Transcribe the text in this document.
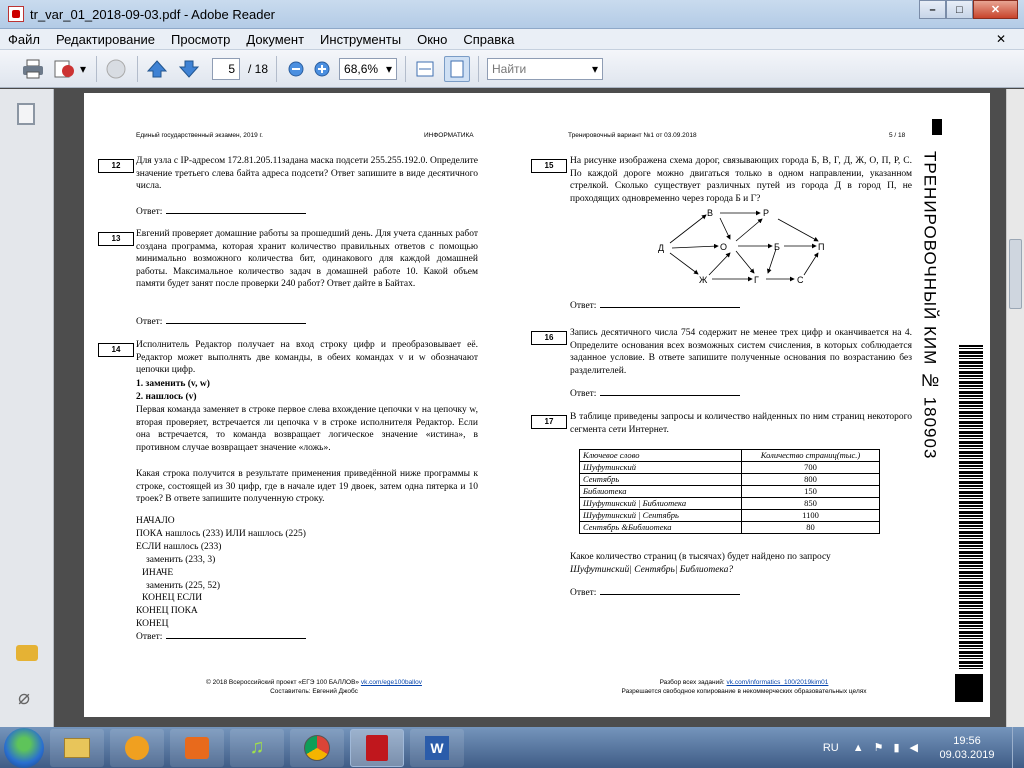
tr_var_01_2018-09-03.pdf - Adobe Reader	–	□	✕
Файл	Редактирование	Просмотр	Документ	Инструменты	Окно	Справка	✕
▾	5	/ 18	68,6% ▾	Найти	▾
⌀
Единый государственный экзамен, 2019 г.	ИНФОРМАТИКА	Тренировочный вариант №1 от 03.09.2018	5 / 18
12	Для узла с IP-адресом 172.81.205.11задана маска подсети 255.255.192.0. Определите значение третьего слева байта адреса подсети? Ответ запишите в виде десятичного числа.
Ответ:
13	Евгений проверяет домашние работы за прошедший день. Для учета сданных работ создана программа, которая хранит количество правильных ответов с помощью минимально возможного количества бит, одинакового для каждой домашней работы. Максимальное количество задач в домашней работе 10. Какой объем памяти будет занят после проверки 240 работ? Ответ дайте в Байтах.
Ответ:
14	Исполнитель Редактор получает на вход строку цифр и преобразовывает её. Редактор может выполнять две команды, в обеих командах v и w обозначают цепочки цифр.
1. заменить (v, w)
2. нашлось (v)
Первая команда заменяет в строке первое слева вхождение цепочки v на цепочку w, вторая проверяет, встречается ли цепочка v в строке исполнителя Редактор. Если она встречается, то команда возвращает логическое значение «истина», в противном случае возвращает значение «ложь».
Какая строка получится в результате применения приведённой ниже программы к строке, состоящей из 30 цифр, где в начале идет 19 двоек, затем одна пятерка и 10 троек? В ответе запишите полученную строку.
НАЧАЛО
ПОКА нашлось (233) ИЛИ нашлось (225)
ЕСЛИ нашлось (233)
заменить (233, 3)
ИНАЧЕ
заменить (225, 52)
КОНЕЦ ЕСЛИ
КОНЕЦ ПОКА
КОНЕЦ
Ответ:
15	На рисунке изображена схема дорог, связывающих города Б, В, Г, Д, Ж, О, П, Р, С. По каждой дороге можно двигаться только в одном направлении, указанном стрелкой. Сколько существует различных путей из города Д в город П, не проходящих одновременно через города Б и Г?
Д
В	Р
О	Б	П
Ж	Г	С
Ответ:
16	Запись десятичного числа 754 содержит не менее трех цифр и оканчивается на 4. Определите основания всех возможных систем счисления, в которых соблюдается заданное условие. В ответе запишите полученные основания по возрастанию без разделителей.
Ответ:
17	В таблице приведены запросы и количество найденных по ним страниц некоторого сегмента сети Интернет.
Ключевое слово	Количество страниц(тыс.)
Шуфутинский	700
Сентябрь	800
Библиотека	150
Шуфутинский | Библиотека	850
Шуфутинский | Сентябрь	1100
Сентябрь &Библиотека	80
Какое количество страниц (в тысячах) будет найдено по запросу
Шуфутинский| Сентябрь| Библиотека?
Ответ:
© 2018 Всероссийский проект «ЕГЭ 100 БАЛЛОВ» vk.com/ege100ballov
Составитель: Евгений Джобс
Разбор всех заданий: vk.com/informatics_100/2019kim01
Разрешается свободное копирование в некоммерческих образовательных целях
ТРЕНИРОВОЧНЫЙ КИМ № 180903
♫	W	RU ▲ ⚑ ▮ ◀
19:56
09.03.2019
